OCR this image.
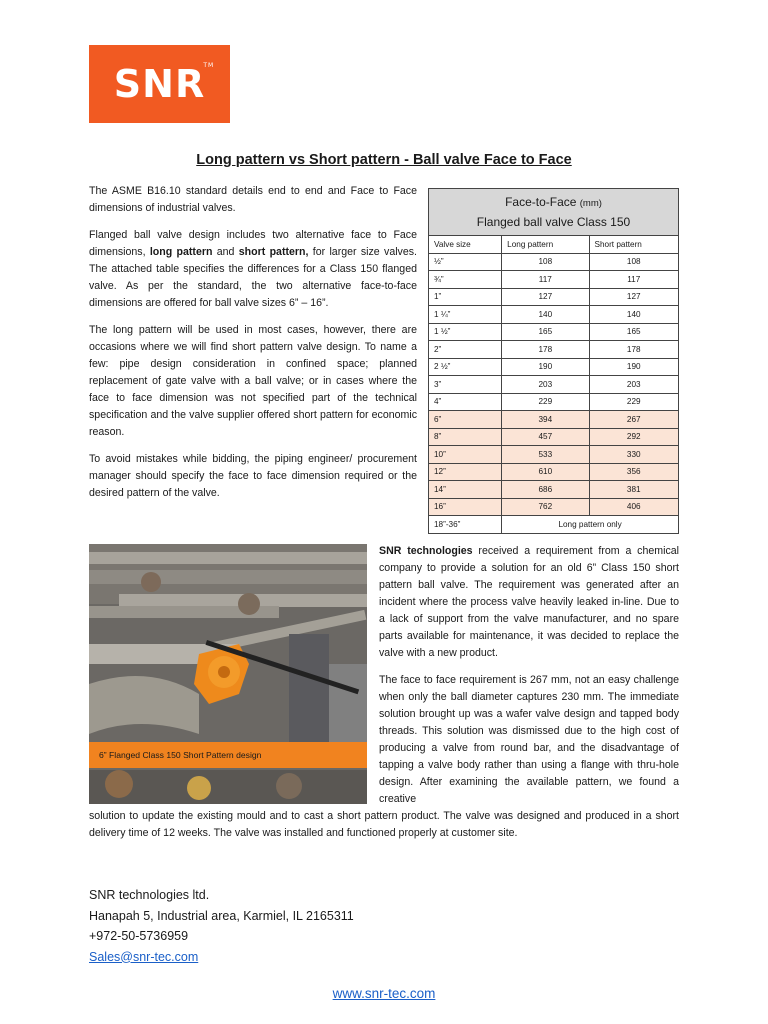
SNR
TM
Long pattern vs Short pattern - Ball valve Face to Face

The ASME B16.10 standard details end to end and Face to Face dimensions of industrial valves.

Flanged ball valve design includes two alternative face to Face dimensions, long pattern and short pattern, for larger size valves. The attached table specifies the differences for a Class 150 flanged valve. As per the standard, the two alternative face-to-face dimensions are offered for ball valve sizes 6” – 16”.

The long pattern will be used in most cases, however, there are occasions where we will find short pattern valve design. To name a few: pipe design consideration in confined space; planned replacement of gate valve with a ball valve; or in cases where the face to face dimension was not specified part of the technical specification and the valve supplier offered short pattern for economic reason.

To avoid mistakes while bidding, the piping engineer/ procurement manager should specify the face to face dimension required or the desired pattern of the valve.

Face-to-Face (mm)
Flanged ball valve Class 150		
Valve size	Long pattern	Short pattern
½”	108	108
¾”	117	117
1”	127	127
1 ¼”	140	140
1 ½”	165	165
2”	178	178
2 ½”	190	190
3”	203	203
4”	229	229
6”	394	267
8”	457	292
10”	533	330
12”	610	356
14”	686	381
16”	762	406
18”-36”	Long pattern only	
6” Flanged Class 150 Short Pattern design

SNR technologies received a requirement from a chemical company to provide a solution for an old 6” Class 150 short pattern ball valve. The requirement was generated after an incident where the process valve heavily leaked in-line. Due to a lack of support from the valve manufacturer, and no spare parts available for maintenance, it was decided to replace the valve with a new product.

The face to face requirement is 267 mm, not an easy challenge when only the ball diameter captures 230 mm. The immediate solution brought up was a wafer valve design and tapped body threads. This solution was dismissed due to the high cost of producing a valve from round bar, and the disadvantage of tapping a valve body rather than using a flange with thru-hole design. After examining the available pattern, we found a creative

solution to update the existing mould and to cast a short pattern product. The valve was designed and produced in a short delivery time of 12 weeks. The valve was installed and functioned properly at customer site.

SNR technologies ltd.
Hanapah 5, Industrial area, Karmiel, IL 2165311
+972-50-5736959
Sales@snr-tec.com
www.snr-tec.com
